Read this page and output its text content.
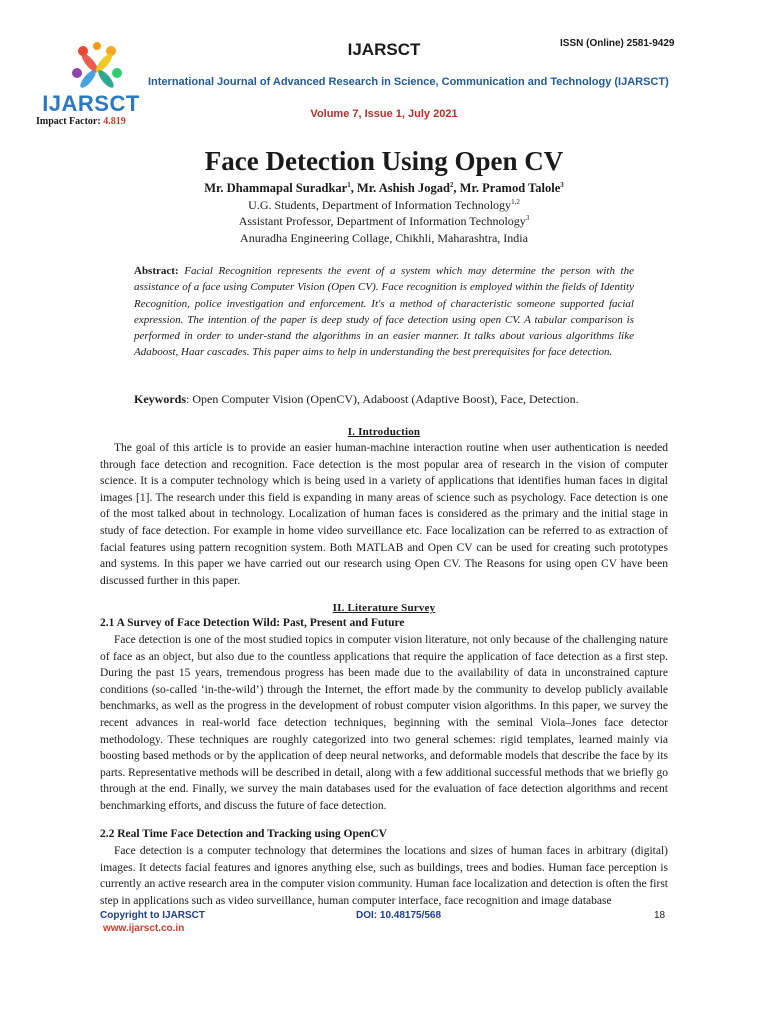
IJARSCT
Impact Factor: 4.819
IJARSCT	ISSN (Online) 2581-9429
International Journal of Advanced Research in Science, Communication and Technology (IJARSCT)
Volume 7, Issue 1, July 2021
Face Detection Using Open CV
Mr. Dhammapal Suradkar$^1$, Mr. Ashish Jogad$^2$, Mr. Pramod Talole$^3$
U.G. Students, Department of Information Technology$^{1,2}$
Assistant Professor, Department of Information Technology$^3$
Anuradha Engineering Collage, Chikhli, Maharashtra, India
Abstract: Facial Recognition represents the event of a system which may determine the person with the assistance of a face using Computer Vision (Open CV). Face recognition is employed within the fields of Identity Recognition, police investigation and enforcement. It's a method of characteristic someone supported facial expression. The intention of the paper is deep study of face detection using open CV. A tabular comparison is performed in order to under-stand the algorithms in an easier manner. It talks about various algorithms like Adaboost, Haar cascades. This paper aims to help in understanding the best prerequisites for face detection.
Keywords: Open Computer Vision (OpenCV), Adaboost (Adaptive Boost), Face, Detection.
I. Introduction
The goal of this article is to provide an easier human-machine interaction routine when user authentication is needed through face detection and recognition. Face detection is the most popular area of research in the vision of computer science. It is a computer technology which is being used in a variety of applications that identifies human faces in digital images [1]. The research under this field is expanding in many areas of science such as psychology. Face detection is one of the most talked about in technology. Localization of human faces is considered as the primary and the initial stage in study of face detection. For example in home video surveillance etc. Face localization can be referred to as extraction of facial features using pattern recognition system. Both MATLAB and Open CV can be used for creating such prototypes and systems. In this paper we have carried out our research using Open CV. The Reasons for using open CV have been discussed further in this paper.
II. Literature Survey
2.1 A Survey of Face Detection Wild: Past, Present and Future
Face detection is one of the most studied topics in computer vision literature, not only because of the challenging nature of face as an object, but also due to the countless applications that require the application of face detection as a first step. During the past 15 years, tremendous progress has been made due to the availability of data in unconstrained capture conditions (so-called ‘in-the-wild’) through the Internet, the effort made by the community to develop publicly available benchmarks, as well as the progress in the development of robust computer vision algorithms. In this paper, we survey the recent advances in real-world face detection techniques, beginning with the seminal Viola–Jones face detector methodology. These techniques are roughly categorized into two general schemes: rigid templates, learned mainly via boosting based methods or by the application of deep neural networks, and deformable models that describe the face by its parts. Representative methods will be described in detail, along with a few additional successful methods that we briefly go through at the end. Finally, we survey the main databases used for the evaluation of face detection algorithms and recent benchmarking efforts, and discuss the future of face detection.
2.2 Real Time Face Detection and Tracking using OpenCV
Face detection is a computer technology that determines the locations and sizes of human faces in arbitrary (digital) images. It detects facial features and ignores anything else, such as buildings, trees and bodies. Human face perception is currently an active research area in the computer vision community. Human face localization and detection is often the first step in applications such as video surveillance, human computer interface, face recognition and image database
Copyright to IJARSCT
www.ijarsct.co.in
DOI: 10.48175/568	18
